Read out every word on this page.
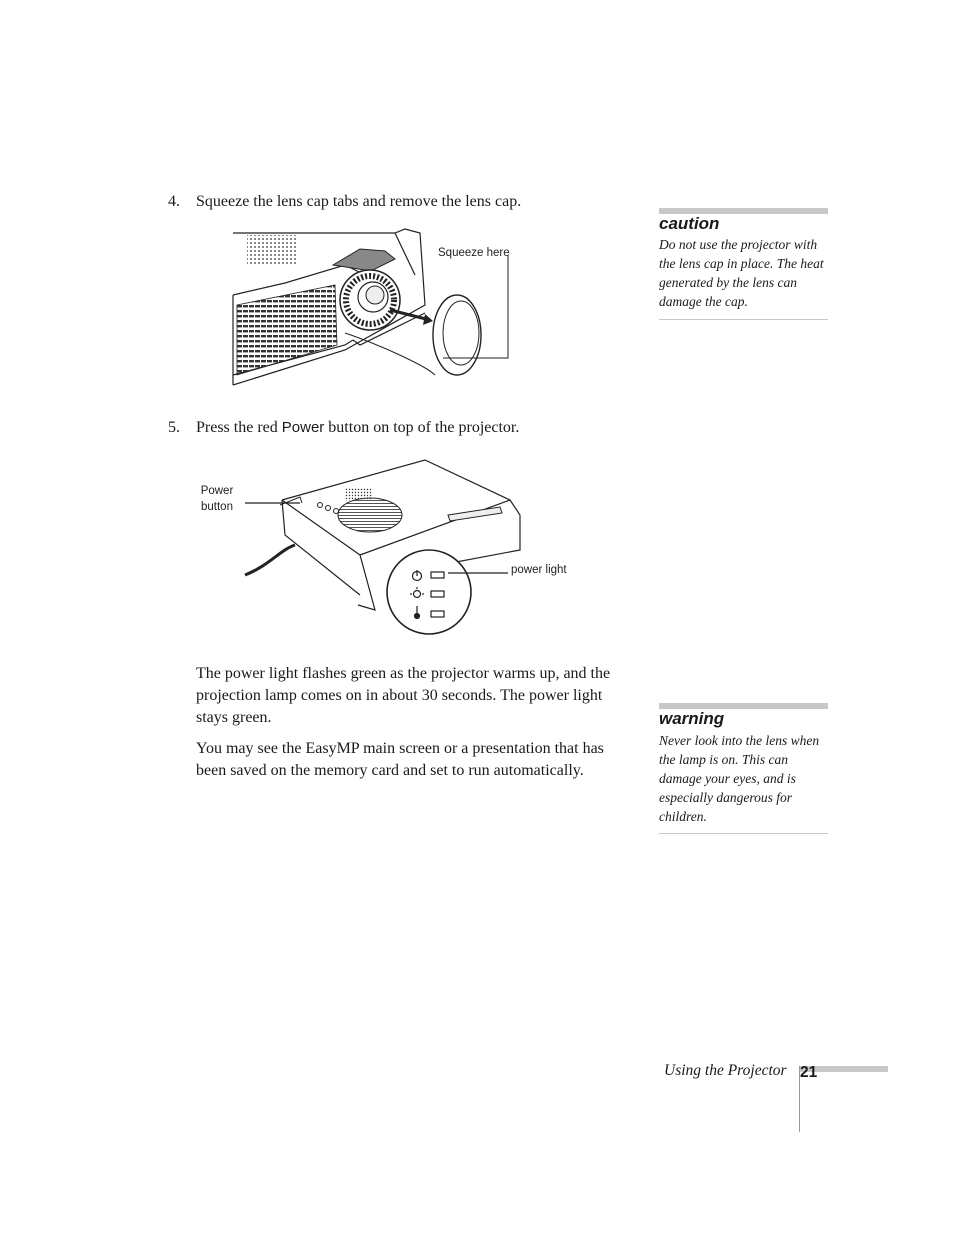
4.	Squeeze the lens cap tabs and remove the lens cap.
Squeeze here
5.	Press the red Power button on top of the projector.
Power
button
power light

The power light flashes green as the projector warms up, and the projection lamp comes on in about 30 seconds. The power light stays green.

You may see the EasyMP main screen or a presentation that has been saved on the memory card and set to run automatically.

caution
Do not use the projector with the lens cap in place. The heat generated by the lens can damage the cap.
warning
Never look into the lens when the lamp is on. This can damage your eyes, and is especially dangerous for children.
Using the Projector 21
